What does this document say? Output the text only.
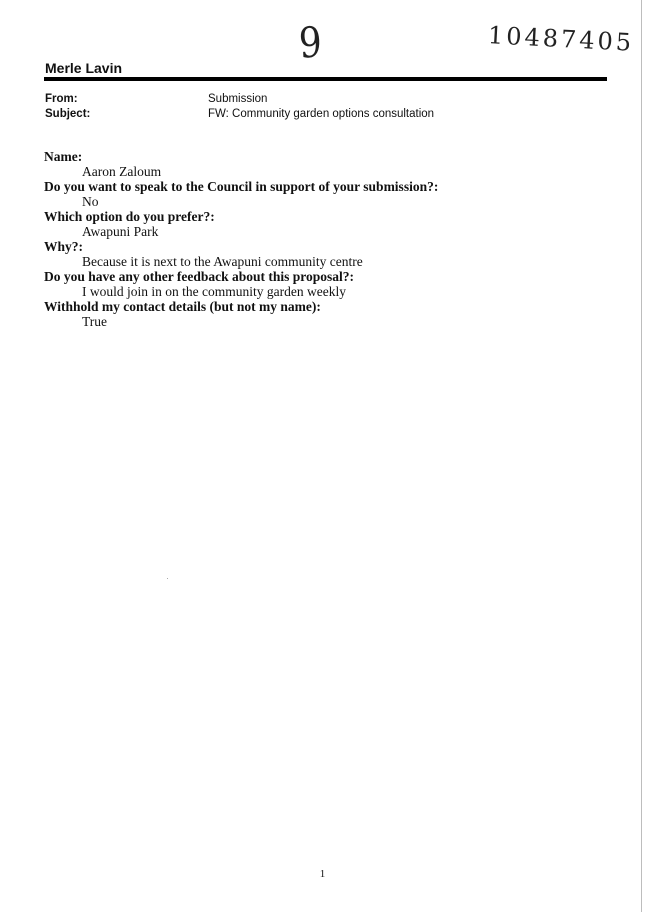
9	10487405
Merle Lavin
From:	Submission
Subject:	FW: Community garden options consultation
Name:
Aaron Zaloum
Do you want to speak to the Council in support of your submission?:
No
Which option do you prefer?:
Awapuni Park
Why?:
Because it is next to the Awapuni community centre
Do you have any other feedback about this proposal?:
I would join in on the community garden weekly
Withhold my contact details (but not my name):
True
1
